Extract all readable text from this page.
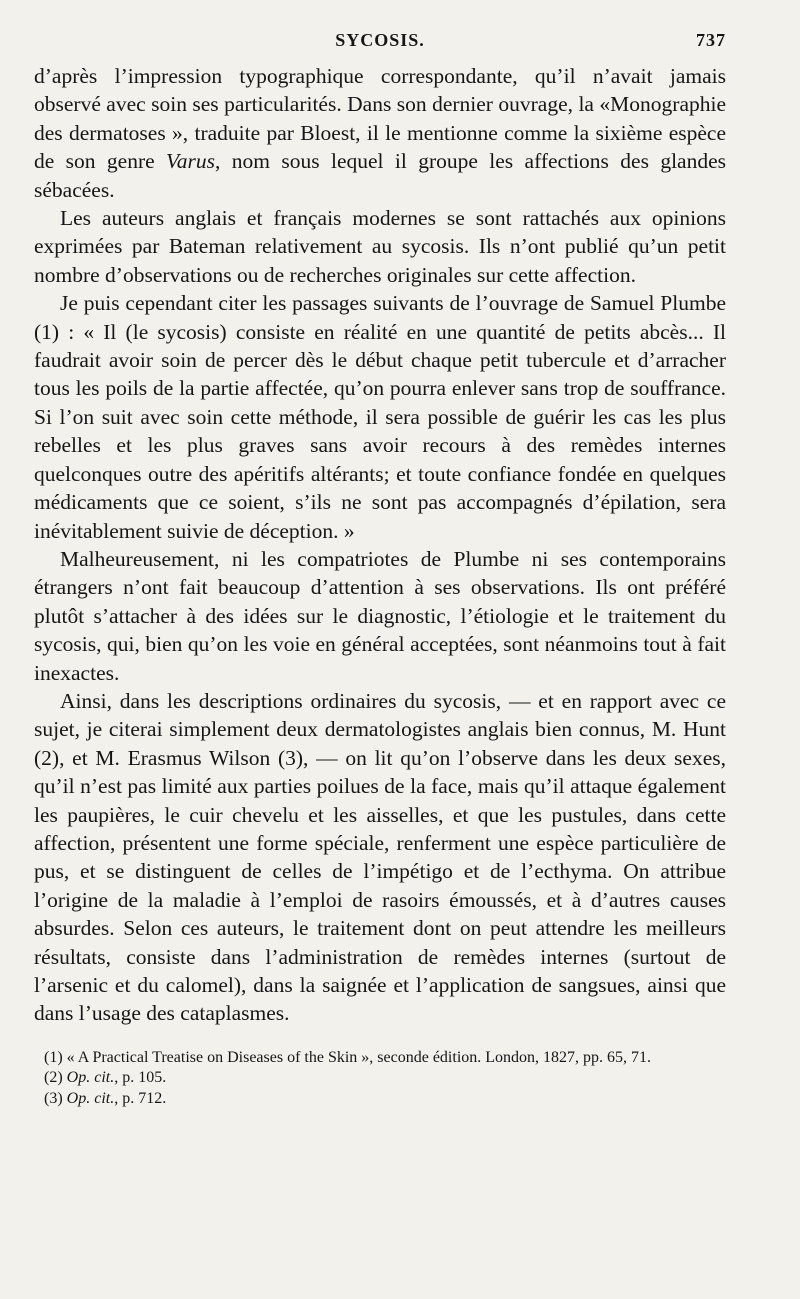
SYCOSIS.	737

d’après l’impression typographique correspondante, qu’il n’avait jamais observé avec soin ses particularités. Dans son dernier ouvrage, la «Monographie des dermatoses », traduite par Bloest, il le mentionne comme la sixième espèce de son genre Varus, nom sous lequel il groupe les affections des glandes sébacées.

Les auteurs anglais et français modernes se sont rattachés aux opinions exprimées par Bateman relativement au sycosis. Ils n’ont publié qu’un petit nombre d’observations ou de recherches originales sur cette affection.

Je puis cependant citer les passages suivants de l’ouvrage de Samuel Plumbe (1) : « Il (le sycosis) consiste en réalité en une quantité de petits abcès... Il faudrait avoir soin de percer dès le début chaque petit tubercule et d’arracher tous les poils de la partie affectée, qu’on pourra enlever sans trop de souffrance. Si l’on suit avec soin cette méthode, il sera possible de guérir les cas les plus rebelles et les plus graves sans avoir recours à des remèdes internes quelconques outre des apéritifs altérants; et toute confiance fondée en quelques médicaments que ce soient, s’ils ne sont pas accompagnés d’épilation, sera inévitablement suivie de déception. »

Malheureusement, ni les compatriotes de Plumbe ni ses contemporains étrangers n’ont fait beaucoup d’attention à ses observations. Ils ont préféré plutôt s’attacher à des idées sur le diagnostic, l’étiologie et le traitement du sycosis, qui, bien qu’on les voie en général acceptées, sont néanmoins tout à fait inexactes.

Ainsi, dans les descriptions ordinaires du sycosis, — et en rapport avec ce sujet, je citerai simplement deux dermatologistes anglais bien connus, M. Hunt (2), et M. Erasmus Wilson (3), — on lit qu’on l’observe dans les deux sexes, qu’il n’est pas limité aux parties poilues de la face, mais qu’il attaque également les paupières, le cuir chevelu et les aisselles, et que les pustules, dans cette affection, présentent une forme spéciale, renferment une espèce particulière de pus, et se distinguent de celles de l’impétigo et de l’ecthyma. On attribue l’origine de la maladie à l’emploi de rasoirs émoussés, et à d’autres causes absurdes. Selon ces auteurs, le traitement dont on peut attendre les meilleurs résultats, consiste dans l’administration de remèdes internes (surtout de l’arsenic et du calomel), dans la saignée et l’application de sangsues, ainsi que dans l’usage des cataplasmes.

(1) « A Practical Treatise on Diseases of the Skin », seconde édition. London, 1827, pp. 65, 71.

(2) Op. cit., p. 105.

(3) Op. cit., p. 712.
